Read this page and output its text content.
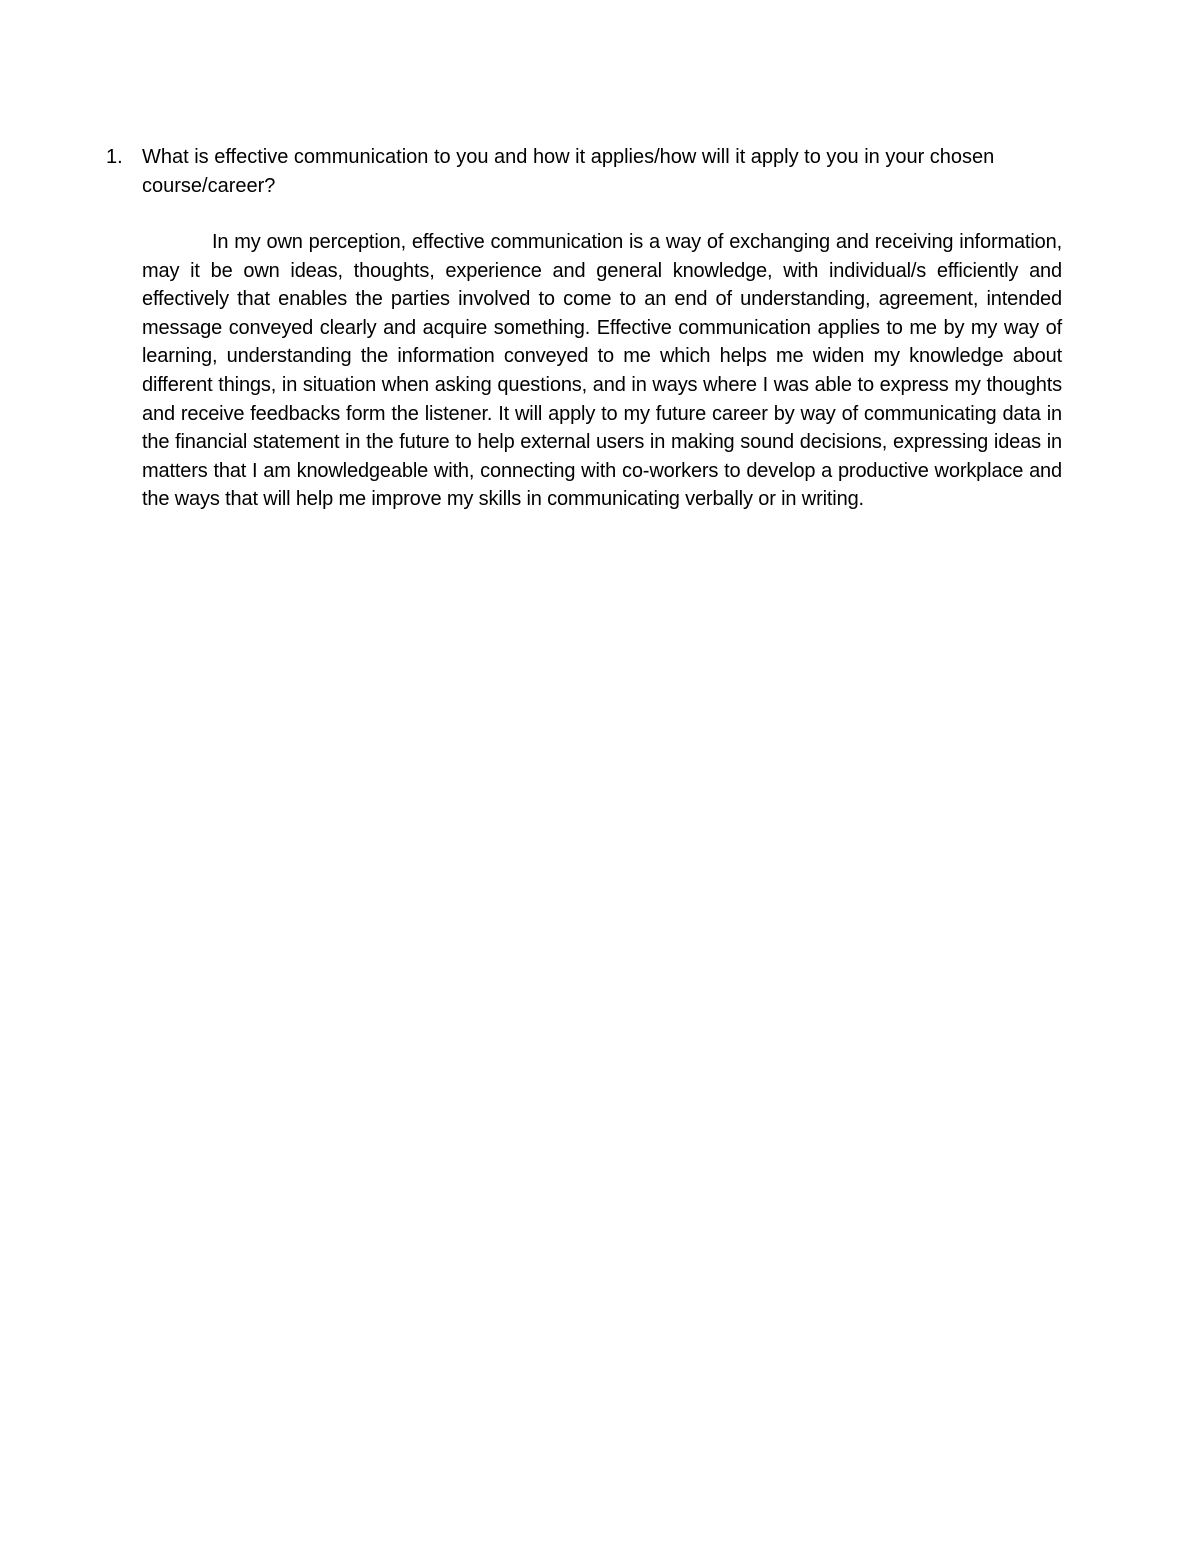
1. What is effective communication to you and how it applies/how will it apply to you in your chosen course/career?

In my own perception, effective communication is a way of exchanging and receiving information, may it be own ideas, thoughts, experience and general knowledge, with individual/s efficiently and effectively that enables the parties involved to come to an end of understanding, agreement, intended message conveyed clearly and acquire something. Effective communication applies to me by my way of learning, understanding the information conveyed to me which helps me widen my knowledge about different things, in situation when asking questions, and in ways where I was able to express my thoughts and receive feedbacks form the listener. It will apply to my future career by way of communicating data in the financial statement in the future to help external users in making sound decisions, expressing ideas in matters that I am knowledgeable with, connecting with co-workers to develop a productive workplace and the ways that will help me improve my skills in communicating verbally or in writing.
